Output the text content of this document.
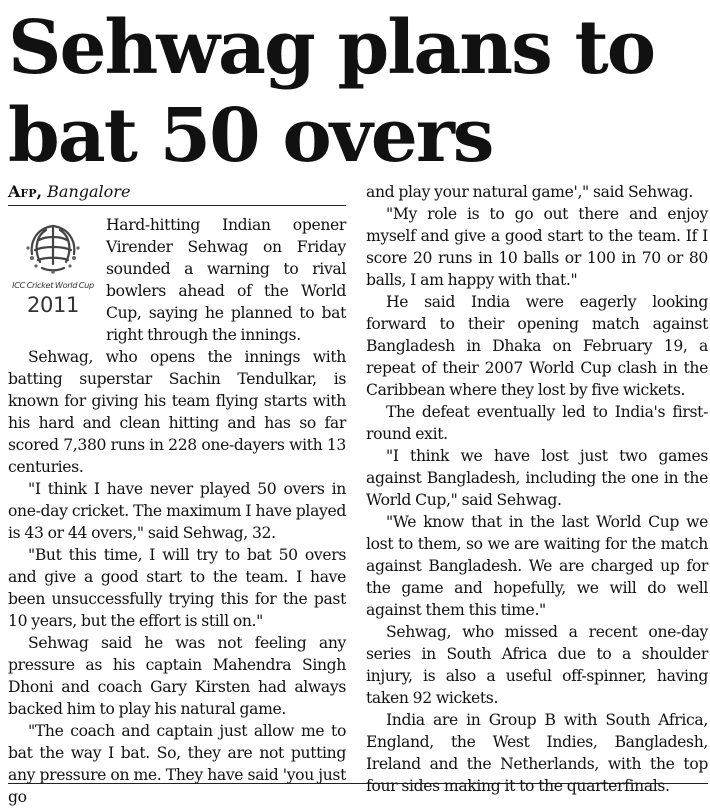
Sehwag plans to bat 50 overs
Afp, Bangalore
ICC Cricket World Cup
2011

Hard-hitting Indian opener Virender Sehwag on Friday sounded a warning to rival bowlers ahead of the World Cup, saying he planned to bat right through the innings.

Sehwag, who opens the innings with batting superstar Sachin Tendulkar, is known for giving his team flying starts with his hard and clean hitting and has so far scored 7,380 runs in 228 one-dayers with 13 centuries.

"I think I have never played 50 overs in one-day cricket. The maximum I have played is 43 or 44 overs," said Sehwag, 32.

"But this time, I will try to bat 50 overs and give a good start to the team. I have been unsuccessfully trying this for the past 10 years, but the effort is still on."

Sehwag said he was not feeling any pressure as his captain Mahendra Singh Dhoni and coach Gary Kirsten had always backed him to play his natural game.

"The coach and captain just allow me to bat the way I bat. So, they are not putting any pressure on me. They have said 'you just go

and play your natural game'," said Sehwag.

"My role is to go out there and enjoy myself and give a good start to the team. If I score 20 runs in 10 balls or 100 in 70 or 80 balls, I am happy with that."

He said India were eagerly looking forward to their opening match against Bangladesh in Dhaka on February 19, a repeat of their 2007 World Cup clash in the Caribbean where they lost by five wickets.

The defeat eventually led to India's first-round exit.

"I think we have lost just two games against Bangladesh, including the one in the World Cup," said Sehwag.

"We know that in the last World Cup we lost to them, so we are waiting for the match against Bangladesh. We are charged up for the game and hopefully, we will do well against them this time."

Sehwag, who missed a recent one-day series in South Africa due to a shoulder injury, is also a useful off-spinner, having taken 92 wickets.

India are in Group B with South Africa, England, the West Indies, Bangladesh, Ireland and the Netherlands, with the top four sides making it to the quarterfinals.
